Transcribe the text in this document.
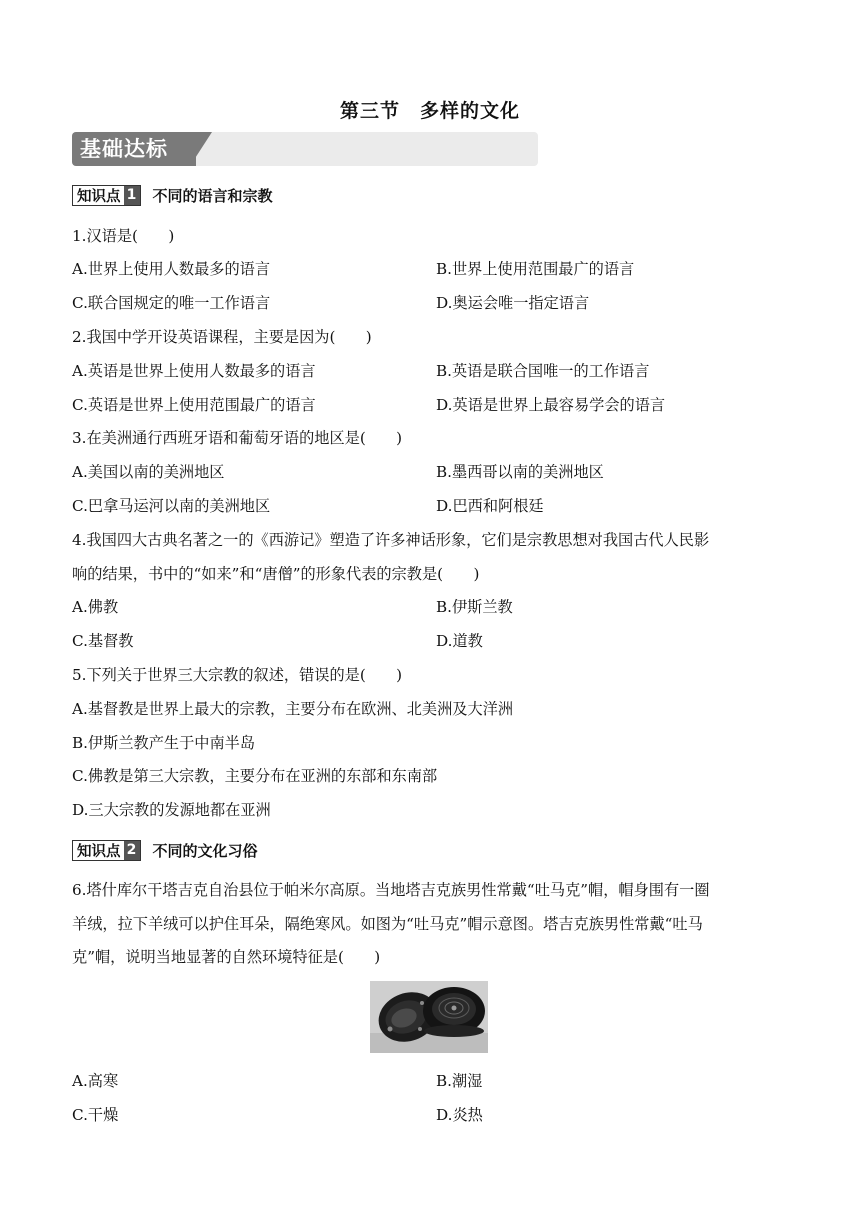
第三节　多样的文化
基础达标
知识点 1 不同的语言和宗教
1.汉语是(　　)
A.世界上使用人数最多的语言	B.世界上使用范围最广的语言
C.联合国规定的唯一工作语言	D.奥运会唯一指定语言
2.我国中学开设英语课程，主要是因为(　　)
A.英语是世界上使用人数最多的语言	B.英语是联合国唯一的工作语言
C.英语是世界上使用范围最广的语言	D.英语是世界上最容易学会的语言
3.在美洲通行西班牙语和葡萄牙语的地区是(　　)
A.美国以南的美洲地区	B.墨西哥以南的美洲地区
C.巴拿马运河以南的美洲地区	D.巴西和阿根廷
4.我国四大古典名著之一的《西游记》塑造了许多神话形象，它们是宗教思想对我国古代人民影
响的结果，书中的“如来”和“唐僧”的形象代表的宗教是(　　)
A.佛教	B.伊斯兰教
C.基督教	D.道教
5.下列关于世界三大宗教的叙述，错误的是(　　)
A.基督教是世界上最大的宗教，主要分布在欧洲、北美洲及大洋洲
B.伊斯兰教产生于中南半岛
C.佛教是第三大宗教，主要分布在亚洲的东部和东南部
D.三大宗教的发源地都在亚洲
知识点 2 不同的文化习俗
6.塔什库尔干塔吉克自治县位于帕米尔高原。当地塔吉克族男性常戴“吐马克”帽，帽身围有一圈
羊绒，拉下羊绒可以护住耳朵，隔绝寒风。如图为“吐马克”帽示意图。塔吉克族男性常戴“吐马
克”帽，说明当地显著的自然环境特征是(　　)
A.高寒	B.潮湿
C.干燥	D.炎热
